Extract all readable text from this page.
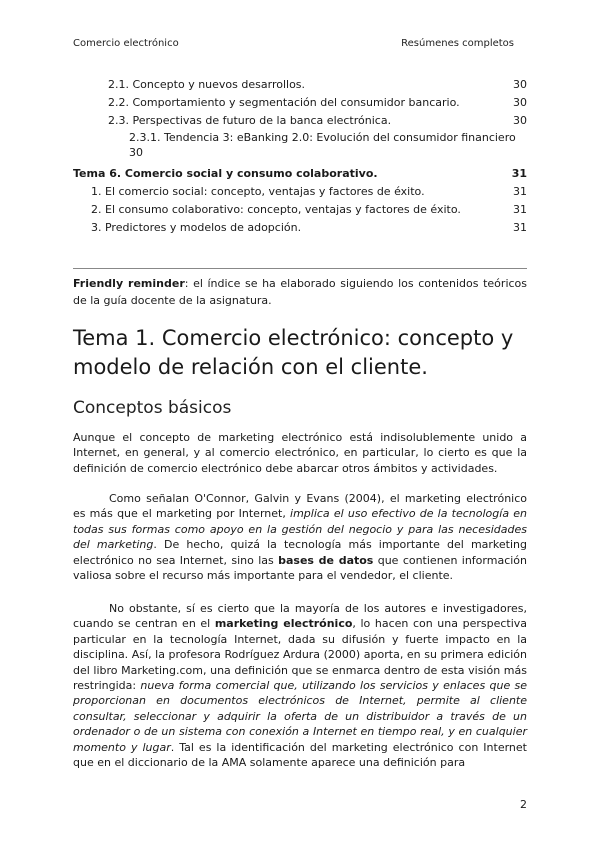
Comercio electrónico	Resúmenes completos
2.1. Concepto y nuevos desarrollos.	30
2.2. Comportamiento y segmentación del consumidor bancario.	30
2.3. Perspectivas de futuro de la banca electrónica.	30
2.3.1. Tendencia 3: eBanking 2.0: Evolución del consumidor financiero
30
Tema 6. Comercio social y consumo colaborativo.	31
1. El comercio social: concepto, ventajas y factores de éxito.	31
2. El consumo colaborativo: concepto, ventajas y factores de éxito.	31
3. Predictores y modelos de adopción.	31
Friendly reminder: el índice se ha elaborado siguiendo los contenidos teóricos de la guía docente de la asignatura.
Tema 1. Comercio electrónico: concepto y modelo de relación con el cliente.
Conceptos básicos

Aunque el concepto de marketing electrónico está indisolublemente unido a Internet, en general, y al comercio electrónico, en particular, lo cierto es que la definición de comercio electrónico debe abarcar otros ámbitos y actividades.

Como señalan O'Connor, Galvin y Evans (2004), el marketing electrónico es más que el marketing por Internet, implica el uso efectivo de la tecnología en todas sus formas como apoyo en la gestión del negocio y para las necesidades del marketing. De hecho, quizá la tecnología más importante del marketing electrónico no sea Internet, sino las bases de datos que contienen información valiosa sobre el recurso más importante para el vendedor, el cliente.

No obstante, sí es cierto que la mayoría de los autores e investigadores, cuando se centran en el marketing electrónico, lo hacen con una perspectiva particular en la tecnología Internet, dada su difusión y fuerte impacto en la disciplina. Así, la profesora Rodríguez Ardura (2000) aporta, en su primera edición del libro Marketing.com, una definición que se enmarca dentro de esta visión más restringida: nueva forma comercial que, utilizando los servicios y enlaces que se proporcionan en documentos electrónicos de Internet, permite al cliente consultar, seleccionar y adquirir la oferta de un distribuidor a través de un ordenador o de un sistema con conexión a Internet en tiempo real, y en cualquier momento y lugar. Tal es la identificación del marketing electrónico con Internet que en el diccionario de la AMA solamente aparece una definición para

2
